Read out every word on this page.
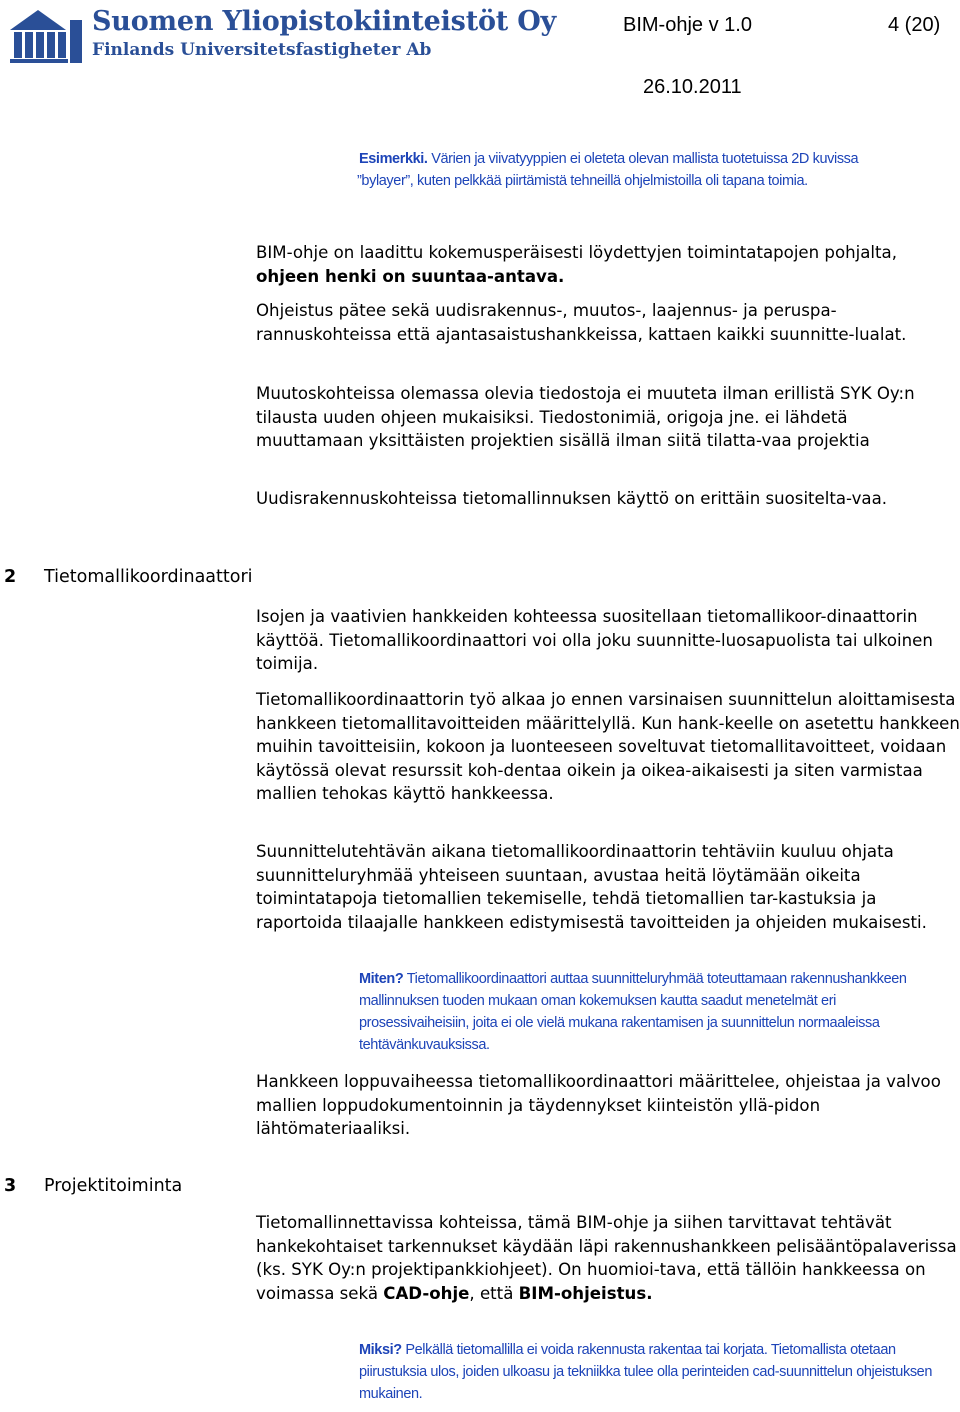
Suomen Yliopistokiinteistöt Oy
Finlands Universitetsfastigheter Ab
BIM-ohje v 1.0	4 (20)
26.10.2011
Esimerkki. Värien ja viivatyyppien ei oleteta olevan mallista tuotetuissa 2D kuvissa
”bylayer”, kuten pelkkää piirtämistä tehneillä ohjelmistoilla oli tapana toimia.

BIM-ohje on laadittu kokemusperäisesti löydettyjen toimintatapojen pohjalta, ohjeen henki on suuntaa-antava.

Ohjeistus pätee sekä uudisrakennus-, muutos-, laajennus- ja peruspa-rannuskohteissa että ajantasaistushankkeissa, kattaen kaikki suunnitte-lualat.
Muutoskohteissa olemassa olevia tiedostoja ei muuteta ilman erillistä SYK Oy:n tilausta uuden ohjeen mukaisiksi. Tiedostonimiä, origoja jne. ei lähdetä muuttamaan yksittäisten projektien sisällä ilman siitä tilatta-vaa projektia
Uudisrakennuskohteissa tietomallinnuksen käyttö on erittäin suositelta-vaa.
2 Tietomallikoordinaattori
Isojen ja vaativien hankkeiden kohteessa suositellaan tietomallikoor-dinaattorin käyttöä. Tietomallikoordinaattori voi olla joku suunnitte-luosapuolista tai ulkoinen toimija.
Tietomallikoordinaattorin työ alkaa jo ennen varsinaisen suunnittelun aloittamisesta hankkeen tietomallitavoitteiden määrittelyllä. Kun hank-keelle on asetettu hankkeen muihin tavoitteisiin, kokoon ja luonteeseen soveltuvat tietomallitavoitteet, voidaan käytössä olevat resurssit koh-dentaa oikein ja oikea-aikaisesti ja siten varmistaa mallien tehokas käyttö hankkeessa.
Suunnittelutehtävän aikana tietomallikoordinaattorin tehtäviin kuuluu ohjata suunnitteluryhmää yhteiseen suuntaan, avustaa heitä löytämään oikeita toimintatapoja tietomallien tekemiselle, tehdä tietomallien tar-kastuksia ja raportoida tilaajalle hankkeen edistymisestä tavoitteiden ja ohjeiden mukaisesti.
Miten? Tietomallikoordinaattori auttaa suunnitteluryhmää toteuttamaan rakennushankkeen mallinnuksen tuoden mukaan oman kokemuksen kautta saadut menetelmät eri prosessivaiheisiin, joita ei ole vielä mukana rakentamisen ja suunnittelun normaaleissa tehtävänkuvauksissa.
Hankkeen loppuvaiheessa tietomallikoordinaattori määrittelee, ohjeistaa ja valvoo mallien loppudokumentoinnin ja täydennykset kiinteistön yllä-pidon lähtömateriaaliksi.
3 Projektitoiminta

Tietomallinnettavissa kohteissa, tämä BIM-ohje ja siihen tarvittavat tehtävät hankekohtaiset tarkennukset käydään läpi rakennushankkeen pelisääntöpalaverissa (ks. SYK Oy:n projektipankkiohjeet). On huomioi-tava, että tällöin hankkeessa on voimassa sekä CAD-ohje, että BIM-ohjeistus.

Miksi? Pelkällä tietomallilla ei voida rakennusta rakentaa tai korjata. Tietomallista otetaan piirustuksia ulos, joiden ulkoasu ja tekniikka tulee olla perinteiden cad-suunnittelun ohjeistuksen mukainen.
